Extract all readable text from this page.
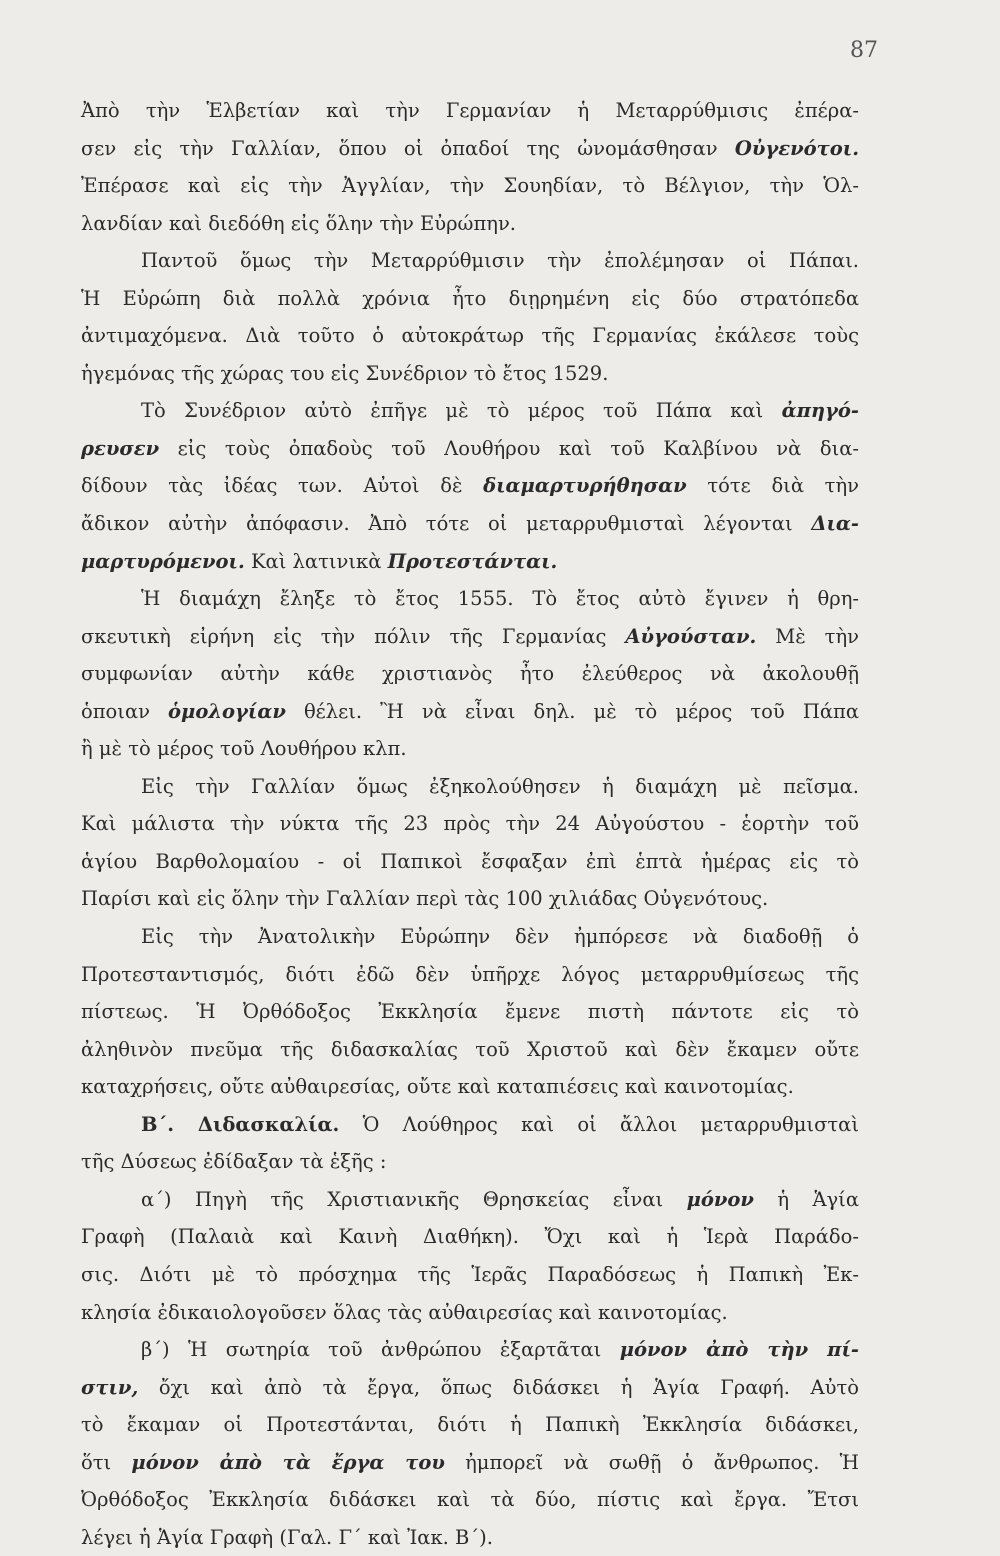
87
Ἀπὸ τὴν Ἑλβετίαν καὶ τὴν Γερμανίαν ἡ Μεταρρύθμισις ἐπέρα-
σεν εἰς τὴν Γαλλίαν, ὅπου οἱ ὀπαδοί της ὠνομάσθησαν Οὐγενότοι.
Ἐπέρασε καὶ εἰς τὴν Ἀγγλίαν, τὴν Σουηδίαν, τὸ Βέλγιον, τὴν Ὁλ-
λανδίαν καὶ διεδόθη εἰς ὅλην τὴν Εὐρώπην.
Παντοῦ ὅμως τὴν Μεταρρύθμισιν τὴν ἐπολέμησαν οἱ Πάπαι.
Ἡ Εὐρώπη διὰ πολλὰ χρόνια ἦτο διῃρημένη εἰς δύο στρατόπεδα
ἀντιμαχόμενα. Διὰ τοῦτο ὁ αὐτοκράτωρ τῆς Γερμανίας ἐκάλεσε τοὺς
ἡγεμόνας τῆς χώρας του εἰς Συνέδριον τὸ ἔτος 1529.
Τὸ Συνέδριον αὐτὸ ἐπῆγε μὲ τὸ μέρος τοῦ Πάπα καὶ ἀπηγό-
ρευσεν εἰς τοὺς ὀπαδοὺς τοῦ Λουθήρου καὶ τοῦ Καλβίνου νὰ δια-
δίδουν τὰς ἰδέας των. Αὐτοὶ δὲ διαμαρτυρήθησαν τότε διὰ τὴν
ἄδικον αὐτὴν ἀπόφασιν. Ἀπὸ τότε οἱ μεταρρυθμισταὶ λέγονται Δια-
μαρτυρόμενοι. Καὶ λατινικὰ Προτεστάνται.
Ἡ διαμάχη ἔληξε τὸ ἔτος 1555. Τὸ ἔτος αὐτὸ ἔγινεν ἡ θρη-
σκευτικὴ εἰρήνη εἰς τὴν πόλιν τῆς Γερμανίας Αὐγούσταν. Μὲ τὴν
συμφωνίαν αὐτὴν κάθε χριστιανὸς ἦτο ἐλεύθερος νὰ ἀκολουθῇ
ὁποιαν ὁμολογίαν θέλει. Ἢ νὰ εἶναι δηλ. μὲ τὸ μέρος τοῦ Πάπα
ἢ μὲ τὸ μέρος τοῦ Λουθήρου κλπ.
Εἰς τὴν Γαλλίαν ὅμως ἐξηκολούθησεν ἡ διαμάχη μὲ πεῖσμα.
Καὶ μάλιστα τὴν νύκτα τῆς 23 πρὸς τὴν 24 Αὐγούστου - ἑορτὴν τοῦ
ἁγίου Βαρθολομαίου - οἱ Παπικοὶ ἔσφαξαν ἐπὶ ἑπτὰ ἡμέρας εἰς τὸ
Παρίσι καὶ εἰς ὅλην τὴν Γαλλίαν περὶ τὰς 100 χιλιάδας Οὐγενότους.
Εἰς τὴν Ἀνατολικὴν Εὐρώπην δὲν ἠμπόρεσε νὰ διαδοθῇ ὁ
Προτεσταντισμός, διότι ἐδῶ δὲν ὑπῆρχε λόγος μεταρρυθμίσεως τῆς
πίστεως. Ἡ Ὀρθόδοξος Ἐκκλησία ἔμενε πιστὴ πάντοτε εἰς τὸ
ἀληθινὸν πνεῦμα τῆς διδασκαλίας τοῦ Χριστοῦ καὶ δὲν ἔκαμεν οὔτε
καταχρήσεις, οὔτε αὐθαιρεσίας, οὔτε καὶ καταπιέσεις καὶ καινοτομίας.
Β΄. Διδασκαλία. Ὁ Λούθηρος καὶ οἱ ἄλλοι μεταρρυθμισταὶ
τῆς Δύσεως ἐδίδαξαν τὰ ἑξῆς :
α΄) Πηγὴ τῆς Χριστιανικῆς Θρησκείας εἶναι μόνον ἡ Ἁγία
Γραφὴ (Παλαιὰ καὶ Καινὴ Διαθήκη). Ὄχι καὶ ἡ Ἱερὰ Παράδο-
σις. Διότι μὲ τὸ πρόσχημα τῆς Ἱερᾶς Παραδόσεως ἡ Παπικὴ Ἐκ-
κλησία ἐδικαιολογοῦσεν ὅλας τὰς αὐθαιρεσίας καὶ καινοτομίας.
β΄) Ἡ σωτηρία τοῦ ἀνθρώπου ἐξαρτᾶται μόνον ἀπὸ τὴν πί-
στιν, ὄχι καὶ ἀπὸ τὰ ἔργα, ὅπως διδάσκει ἡ Ἁγία Γραφή. Αὐτὸ
τὸ ἔκαμαν οἱ Προτεστάνται, διότι ἡ Παπικὴ Ἐκκλησία διδάσκει,
ὅτι μόνον ἀπὸ τὰ ἔργα του ἠμπορεῖ νὰ σωθῇ ὁ ἄνθρωπος. Ἡ
Ὀρθόδοξος Ἐκκλησία διδάσκει καὶ τὰ δύο, πίστις καὶ ἔργα. Ἔτσι
λέγει ἡ Ἁγία Γραφὴ (Γαλ. Γ΄ καὶ Ἰακ. Β΄).
